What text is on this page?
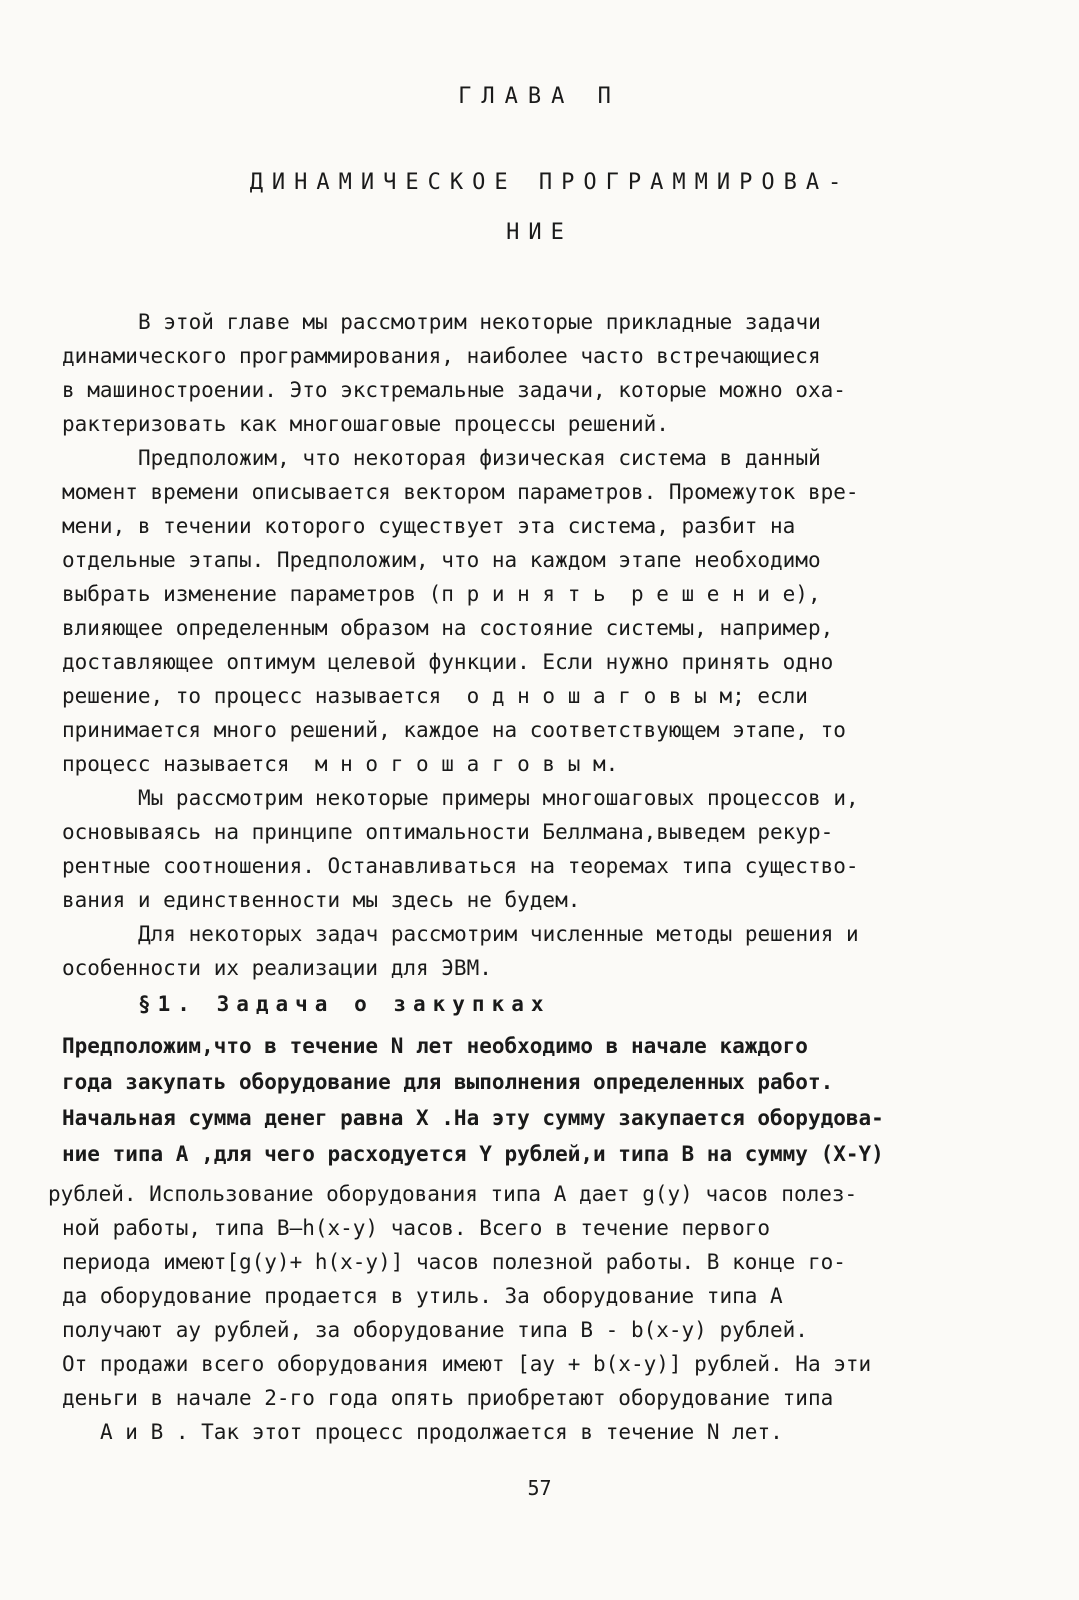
ГЛАВА П
ДИНАМИЧЕСКОЕ ПРОГРАММИРОВА-
НИЕ
В этой главе мы рассмотрим некоторые прикладные задачи
динамического программирования, наиболее часто встречающиеся
в машиностроении. Это экстремальные задачи, которые можно оха-
рактеризовать как многошаговые процессы решений.
Предположим, что некоторая физическая система в данный
момент времени описывается вектором параметров. Промежуток вре-
мени, в течении которого существует эта система, разбит на
отдельные этапы. Предположим, что на каждом этапе необходимо
выбрать изменение параметров (п р и н я т ь  р е ш е н и е),
влияющее определенным образом на состояние системы, например,
доставляющее оптимум целевой функции. Если нужно принять одно
решение, то процесс называется  о д н о ш а г о в ы м; если
принимается много решений, каждое на соответствующем этапе, то
процесс называется  м н о г о ш а г о в ы м.
Мы рассмотрим некоторые примеры многошаговых процессов и,
основываясь на принципе оптимальности Беллмана,выведем рекур-
рентные соотношения. Останавливаться на теоремах типа существо-
вания и единственности мы здесь не будем.
Для некоторых задач рассмотрим численные методы решения и
особенности их реализации для ЭВМ.
§1. Задача о закупках
Предположим,что в течение N лет необходимо в начале каждого
года закупать оборудование для выполнения определенных работ.
Начальная сумма денег равна X .На эту сумму закупается оборудова-
ние типа A ,для чего расходуется Y рублей,и типа B на сумму (X-Y)
рублей. Использование оборудования типа A дает g(y) часов полез-
ной работы, типа B—h(x-y) часов. Всего в течение первого
периода имеют[g(y)+ h(x-y)] часов полезной работы. В конце го-
да оборудование продается в утиль. За оборудование типа A
получают ay рублей, за оборудование типа B - b(x-y) рублей.
От продажи всего оборудования имеют [ay + b(x-y)] рублей. На эти
деньги в начале 2-го года опять приобретают оборудование типа
A и B . Так этот процесс продолжается в течение N лет.
57
